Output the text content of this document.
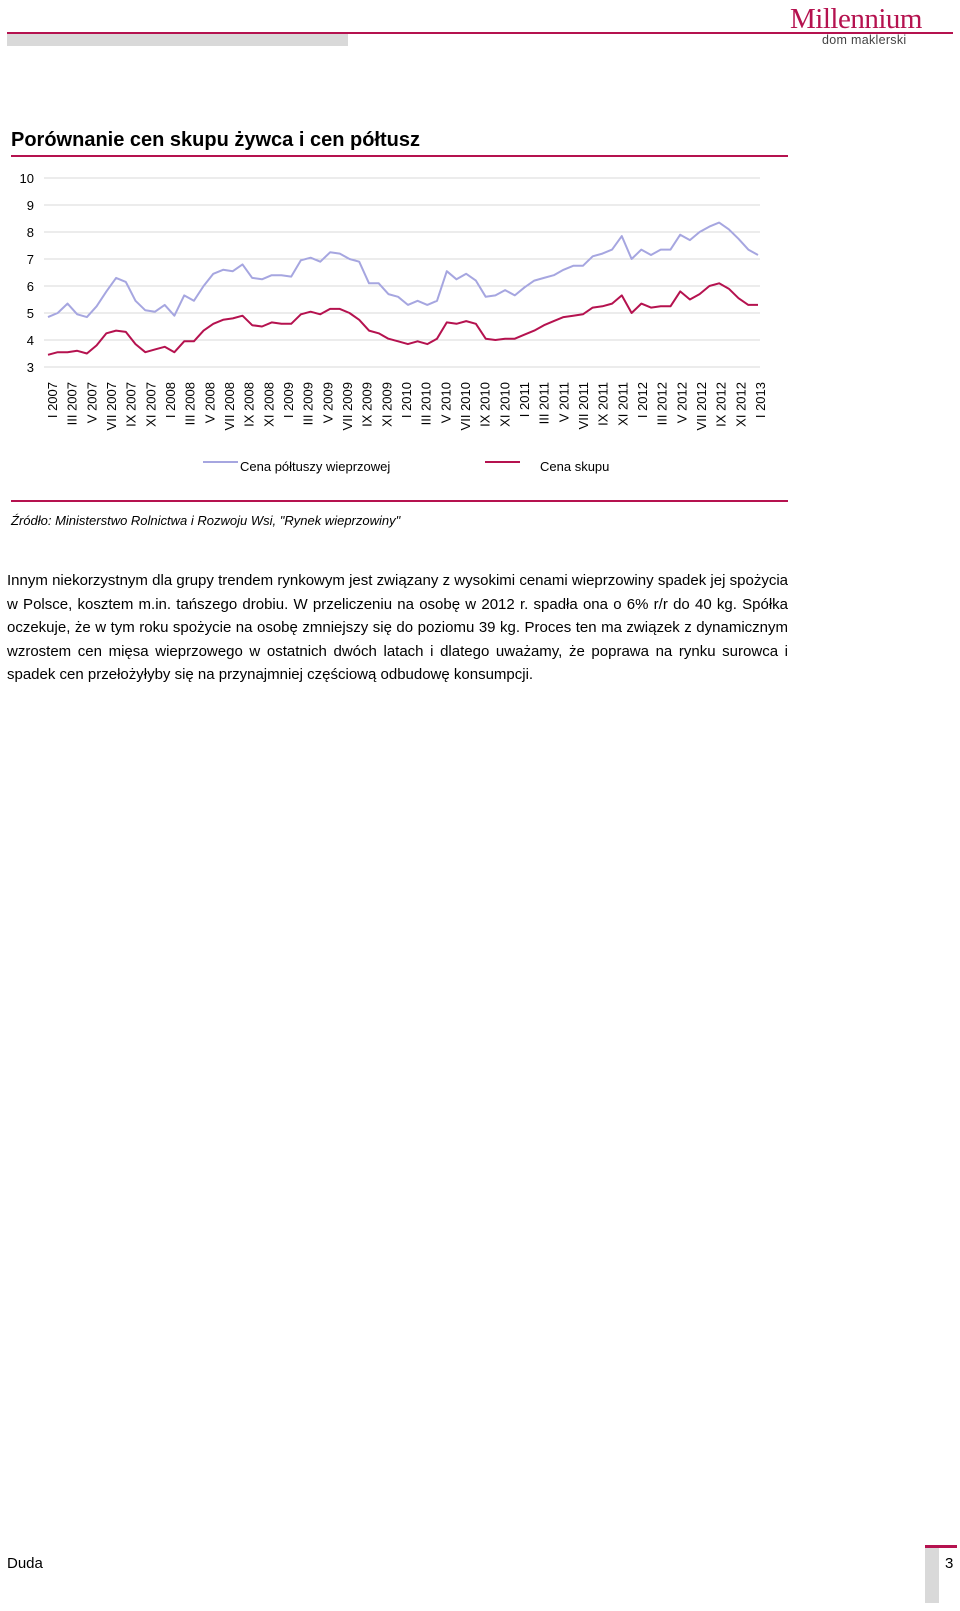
Millennium
dom maklerski
Porównanie cen skupu żywca i cen półtusz
3
4
5
6
7
8
9
10
I 2007 III 2007 V 2007 VII 2007 IX 2007 XI 2007 I 2008 III 2008 V 2008 VII 2008 IX 2008 XI 2008 I 2009 III 2009 V 2009 VII 2009 IX 2009 XI 2009 I 2010 III 2010 V 2010 VII 2010 IX 2010 XI 2010 I 2011 III 2011 V 2011 VII 2011 IX 2011 XI 2011 I 2012 III 2012 V 2012 VII 2012 IX 2012 XI 2012 I 2013
Cena półtuszy wieprzowej	Cena skupu
Źródło: Ministerstwo Rolnictwa i Rozwoju Wsi, "Rynek wieprzowiny"
Innym niekorzystnym dla grupy trendem rynkowym jest związany z wysokimi cenami wieprzowiny spadek jej spożycia w Polsce, kosztem m.in. tańszego drobiu. W przeliczeniu na osobę w 2012 r. spadła ona o 6% r/r do 40 kg. Spółka oczekuje, że w tym roku spożycie na osobę zmniejszy się do poziomu 39 kg. Proces ten ma związek z dynamicznym wzrostem cen mięsa wieprzowego w ostatnich dwóch latach i dlatego uważamy, że poprawa na rynku surowca i spadek cen przełożyłyby się na przynajmniej częściową odbudowę konsumpcji.
Duda	3
